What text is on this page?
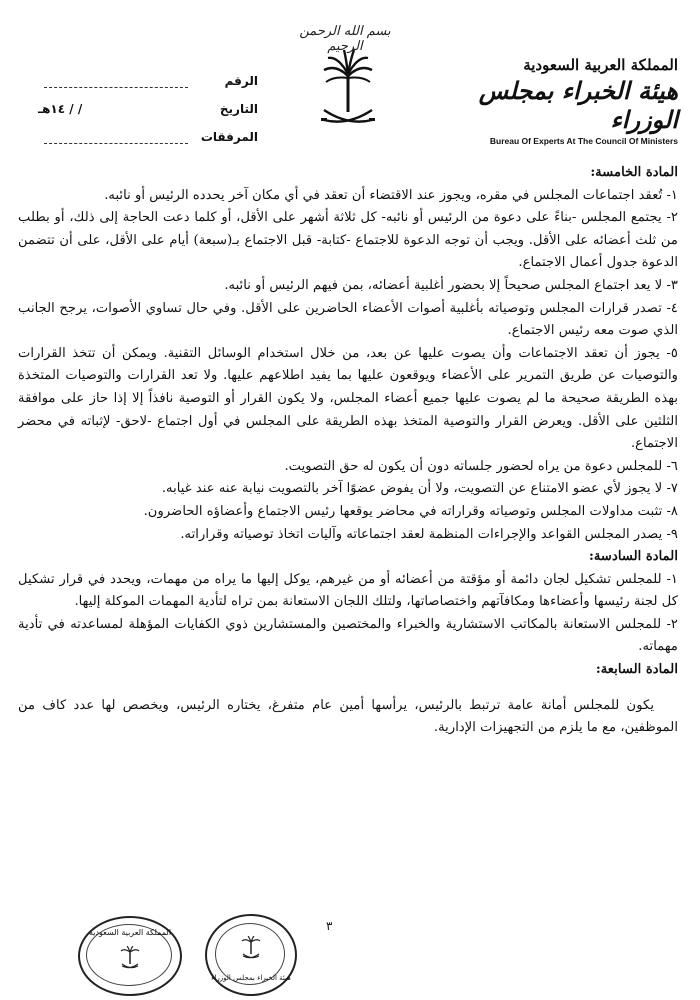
بسم الله الرحمن الرحيم
المملكة العربية السعودية
هيئة الخبراء بمجلس الوزراء
Bureau Of Experts At The Council Of Ministers
الرقم
التاريخ
/ / ١٤هـ
المرفقات

المادة الخامسة:

١- تُعقد اجتماعات المجلس في مقره، ويجوز عند الاقتضاء أن تعقد في أي مكان آخر يحدده الرئيس أو نائبه.

٢- يجتمع المجلس -بناءً على دعوة من الرئيس أو نائبه- كل ثلاثة أشهر على الأقل، أو كلما دعت الحاجة إلى ذلك، أو بطلب من ثلث أعضائه على الأقل. ويجب أن توجه الدعوة للاجتماع -كتابة- قبل الاجتماع بـ(سبعة) أيام على الأقل، على أن تتضمن الدعوة جدول أعمال الاجتماع.

٣- لا يعد اجتماع المجلس صحيحاً إلا بحضور أغلبية أعضائه، بمن فيهم الرئيس أو نائبه.

٤- تصدر قرارات المجلس وتوصياته بأغلبية أصوات الأعضاء الحاضرين على الأقل. وفي حال تساوي الأصوات، يرجح الجانب الذي صوت معه رئيس الاجتماع.

٥- يجوز أن تعقد الاجتماعات وأن يصوت عليها عن بعد، من خلال استخدام الوسائل التقنية. ويمكن أن تتخذ القرارات والتوصيات عن طريق التمرير على الأعضاء ويوقعون عليها بما يفيد اطلاعهم عليها. ولا تعد القرارات والتوصيات المتخذة بهذه الطريقة صحيحة ما لم يصوت عليها جميع أعضاء المجلس، ولا يكون القرار أو التوصية نافذاً إلا إذا حاز على موافقة الثلثين على الأقل. ويعرض القرار والتوصية المتخذ بهذه الطريقة على المجلس في أول اجتماع -لاحق- لإثباته في محضر الاجتماع.

٦- للمجلس دعوة من يراه لحضور جلساته دون أن يكون له حق التصويت.

٧- لا يجوز لأي عضو الامتناع عن التصويت، ولا أن يفوض عضوًا آخر بالتصويت نيابة عنه عند غيابه.

٨- تثبت مداولات المجلس وتوصياته وقراراته في محاضر يوقعها رئيس الاجتماع وأعضاؤه الحاضرون.

٩- يصدر المجلس القواعد والإجراءات المنظمة لعقد اجتماعاته وآليات اتخاذ توصياته وقراراته.

المادة السادسة:

١- للمجلس تشكيل لجان دائمة أو مؤقتة من أعضائه أو من غيرهم، يوكل إليها ما يراه من مهمات، ويحدد في قرار تشكيل كل لجنة رئيسها وأعضاءها ومكافآتهم واختصاصاتها، ولتلك اللجان الاستعانة بمن تراه لتأدية المهمات الموكلة إليها.

٢- للمجلس الاستعانة بالمكاتب الاستشارية والخبراء والمختصين والمستشارين ذوي الكفايات المؤهلة لمساعدته في تأدية مهماته.

المادة السابعة:

يكون للمجلس أمانة عامة ترتبط بالرئيس، يرأسها أمين عام متفرغ، يختاره الرئيس، ويخصص لها عدد كاف من الموظفين، مع ما يلزم من التجهيزات الإدارية.

٣
المملكة العربية السعودية
هيئة الخبراء بمجلس الوزراء
